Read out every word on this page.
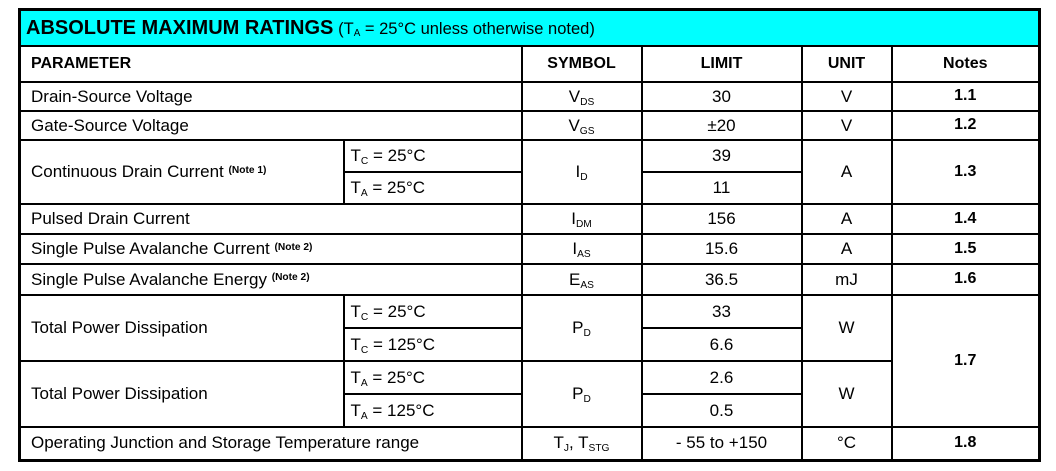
ABSOLUTE MAXIMUM RATINGS ($T_A = 25^\circ C$ unless otherwise noted)					
PARAMETER		SYMBOL	LIMIT	UNIT	Notes
Drain-Source Voltage		$V_{DS}$	30	V	1.1
Gate-Source Voltage		$V_{GS}$	±20	V	1.2
Continuous Drain Current $^{(Note 1)}$	$T_C = 25^\circ C$	$I_D$	39	A	1.3
	$T_A = 25^\circ C$		11		
Pulsed Drain Current		$I_{DM}$	156	A	1.4
Single Pulse Avalanche Current $^{(Note 2)}$		$I_{AS}$	15.6	A	1.5
Single Pulse Avalanche Energy $^{(Note 2)}$		$E_{AS}$	36.5	mJ	1.6
Total Power Dissipation	$T_C = 25^\circ C$	$P_D$	33	W	1.7
	$T_C = 125^\circ C$		6.6		
Total Power Dissipation	$T_A = 25^\circ C$	$P_D$	2.6	W	
	$T_A = 125^\circ C$		0.5		
Operating Junction and Storage Temperature range		$T_J$, $T_{STG}$	- 55 to +150	°C	1.8
